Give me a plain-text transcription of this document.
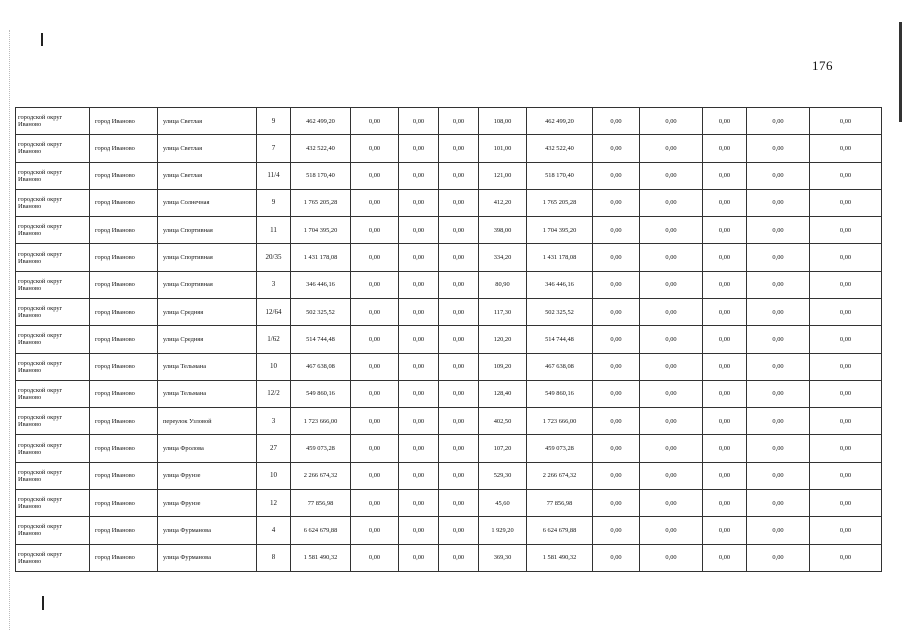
176
городской округ
Иваново	город Иваново	улица Светлая	9	462 499,20	0,00	0,00	0,00	108,00	462 499,20	0,00	0,00	0,00	0,00	0,00

городской округ
Иваново	город Иваново	улица Светлая	7	432 522,40	0,00	0,00	0,00	101,00	432 522,40	0,00	0,00	0,00	0,00	0,00

городской округ
Иваново	город Иваново	улица Светлая	11/4	518 170,40	0,00	0,00	0,00	121,00	518 170,40	0,00	0,00	0,00	0,00	0,00

городской округ
Иваново	город Иваново	улица Солнечная	9	1 765 205,28	0,00	0,00	0,00	412,20	1 765 205,28	0,00	0,00	0,00	0,00	0,00

городской округ
Иваново	город Иваново	улица Спортивная	11	1 704 395,20	0,00	0,00	0,00	398,00	1 704 395,20	0,00	0,00	0,00	0,00	0,00

городской округ
Иваново	город Иваново	улица Спортивная	20/35	1 431 178,08	0,00	0,00	0,00	334,20	1 431 178,08	0,00	0,00	0,00	0,00	0,00

городской округ
Иваново	город Иваново	улица Спортивная	3	346 446,16	0,00	0,00	0,00	80,90	346 446,16	0,00	0,00	0,00	0,00	0,00

городской округ
Иваново	город Иваново	улица Средняя	12/64	502 325,52	0,00	0,00	0,00	117,30	502 325,52	0,00	0,00	0,00	0,00	0,00

городской округ
Иваново	город Иваново	улица Средняя	1/62	514 744,48	0,00	0,00	0,00	120,20	514 744,48	0,00	0,00	0,00	0,00	0,00

городской округ
Иваново	город Иваново	улица Тельмана	10	467 638,08	0,00	0,00	0,00	109,20	467 638,08	0,00	0,00	0,00	0,00	0,00

городской округ
Иваново	город Иваново	улица Тельмана	12/2	549 860,16	0,00	0,00	0,00	128,40	549 860,16	0,00	0,00	0,00	0,00	0,00

городской округ
Иваново	город Иваново	переулок Узловой	3	1 723 666,00	0,00	0,00	0,00	402,50	1 723 666,00	0,00	0,00	0,00	0,00	0,00

городской округ
Иваново	город Иваново	улица Фролова	27	459 073,28	0,00	0,00	0,00	107,20	459 073,28	0,00	0,00	0,00	0,00	0,00

городской округ
Иваново	город Иваново	улица Фрунзе	10	2 266 674,32	0,00	0,00	0,00	529,30	2 266 674,32	0,00	0,00	0,00	0,00	0,00

городской округ
Иваново	город Иваново	улица Фрунзе	12	77 856,98	0,00	0,00	0,00	45,60	77 856,98	0,00	0,00	0,00	0,00	0,00

городской округ
Иваново	город Иваново	улица Фурманова	4	6 624 679,88	0,00	0,00	0,00	1 929,20	6 624 679,88	0,00	0,00	0,00	0,00	0,00

городской округ
Иваново	город Иваново	улица Фурманова	8	1 581 490,32	0,00	0,00	0,00	369,30	1 581 490,32	0,00	0,00	0,00	0,00	0,00
